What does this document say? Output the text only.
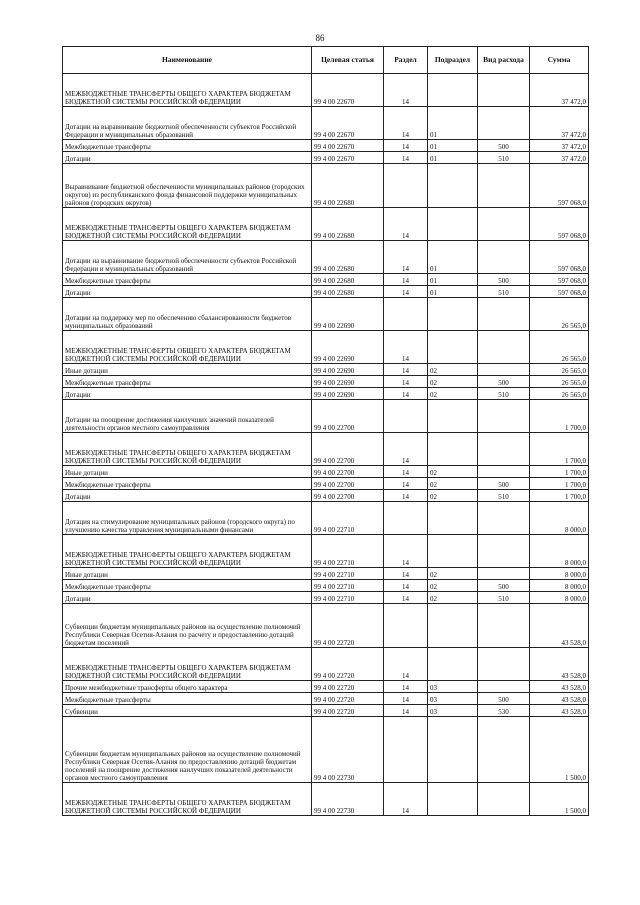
86
Наименование	Целевая статья	Раздел	Подраздел	Вид расхода	Сумма
МЕЖБЮДЖЕТНЫЕ ТРАНСФЕРТЫ ОБЩЕГО ХАРАКТЕРА БЮДЖЕТАМ БЮДЖЕТНОЙ СИСТЕМЫ РОССИЙСКОЙ ФЕДЕРАЦИИ	99 4 00 22670	14			37 472,0
Дотации на выравнивание бюджетной обеспеченности субъектов Российской Федерации и муниципальных образований	99 4 00 22670	14	01		37 472,0
Межбюджетные трансферты	99 4 00 22670	14	01	500	37 472,0
Дотации	99 4 00 22670	14	01	510	37 472,0
Выравнивание бюджетной обеспеченности муниципальных районов (городских округов) из республиканского фонда финансовой поддержки муниципальных районов (городских округов)	99 4 00 22680				597 068,0
МЕЖБЮДЖЕТНЫЕ ТРАНСФЕРТЫ ОБЩЕГО ХАРАКТЕРА БЮДЖЕТАМ БЮДЖЕТНОЙ СИСТЕМЫ РОССИЙСКОЙ ФЕДЕРАЦИИ	99 4 00 22680	14			597 068,0
Дотации на выравнивание бюджетной обеспеченности субъектов Российской Федерации и муниципальных образований	99 4 00 22680	14	01		597 068,0
Межбюджетные трансферты	99 4 00 22680	14	01	500	597 068,0
Дотации	99 4 00 22680	14	01	510	597 068,0
Дотации на поддержку мер по обеспечению сбалансированности бюджетов муниципальных образований	99 4 00 22690				26 565,0
МЕЖБЮДЖЕТНЫЕ ТРАНСФЕРТЫ ОБЩЕГО ХАРАКТЕРА БЮДЖЕТАМ БЮДЖЕТНОЙ СИСТЕМЫ РОССИЙСКОЙ ФЕДЕРАЦИИ	99 4 00 22690	14			26 565,0
Иные дотации	99 4 00 22690	14	02		26 565,0
Межбюджетные трансферты	99 4 00 22690	14	02	500	26 565,0
Дотации	99 4 00 22690	14	02	510	26 565,0
Дотации на поощрение достижения наилучших значений показателей деятельности органов местного самоуправления	99 4 00 22700				1 700,0
МЕЖБЮДЖЕТНЫЕ ТРАНСФЕРТЫ ОБЩЕГО ХАРАКТЕРА БЮДЖЕТАМ БЮДЖЕТНОЙ СИСТЕМЫ РОССИЙСКОЙ ФЕДЕРАЦИИ	99 4 00 22700	14			1 700,0
Иные дотации	99 4 00 22700	14	02		1 700,0
Межбюджетные трансферты	99 4 00 22700	14	02	500	1 700,0
Дотации	99 4 00 22700	14	02	510	1 700,0
Дотация на стимулирование муниципальных районов (городского округа) по улучшению качества управления муниципальными финансами	99 4 00 22710				8 000,0
МЕЖБЮДЖЕТНЫЕ ТРАНСФЕРТЫ ОБЩЕГО ХАРАКТЕРА БЮДЖЕТАМ БЮДЖЕТНОЙ СИСТЕМЫ РОССИЙСКОЙ ФЕДЕРАЦИИ	99 4 00 22710	14			8 000,0
Иные дотации	99 4 00 22710	14	02		8 000,0
Межбюджетные трансферты	99 4 00 22710	14	02	500	8 000,0
Дотации	99 4 00 22710	14	02	510	8 000,0
Субвенции бюджетам муниципальных районов на осуществление полномочий Республики Северная Осетия-Алания по расчету и предоставлению дотаций бюджетам поселений	99 4 00 22720				43 528,0
МЕЖБЮДЖЕТНЫЕ ТРАНСФЕРТЫ ОБЩЕГО ХАРАКТЕРА БЮДЖЕТАМ БЮДЖЕТНОЙ СИСТЕМЫ РОССИЙСКОЙ ФЕДЕРАЦИИ	99 4 00 22720	14			43 528,0
Прочие межбюджетные трансферты общего характера	99 4 00 22720	14	03		43 528,0
Межбюджетные трансферты	99 4 00 22720	14	03	500	43 528,0
Субвенции	99 4 00 22720	14	03	530	43 528,0
Субвенции бюджетам муниципальных районов на осуществление полномочий Республики Северная Осетия-Алания по предоставлению дотаций бюджетам поселений на поощрение достижения наилучших показателей деятельности органов местного самоуправления	99 4 00 22730				1 500,0
МЕЖБЮДЖЕТНЫЕ ТРАНСФЕРТЫ ОБЩЕГО ХАРАКТЕРА БЮДЖЕТАМ БЮДЖЕТНОЙ СИСТЕМЫ РОССИЙСКОЙ ФЕДЕРАЦИИ	99 4 00 22730	14			1 500,0
